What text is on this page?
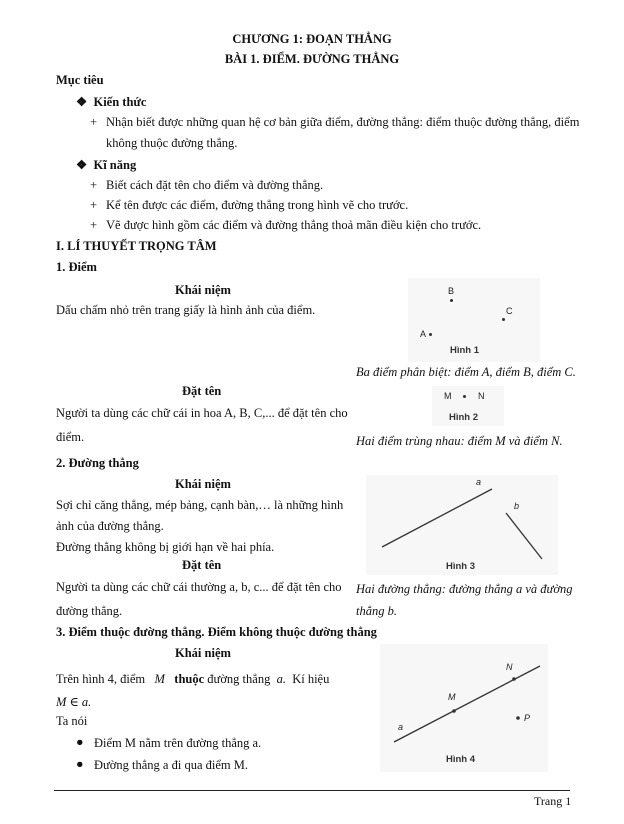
CHƯƠNG 1: ĐOẠN THẲNG
BÀI 1. ĐIỂM. ĐƯỜNG THẲNG
Mục tiêu
❖ Kiến thức
+ Nhận biết được những quan hệ cơ bản giữa điểm, đường thẳng: điểm thuộc đường thẳng, điểm
không thuộc đường thẳng.
❖ Kĩ năng
+ Biết cách đặt tên cho điểm và đường thẳng.
+ Kể tên được các điểm, đường thẳng trong hình vẽ cho trước.
+ Vẽ được hình gồm các điểm và đường thẳng thoả mãn điều kiện cho trước.
I. LÍ THUYẾT TRỌNG TÂM
1. Điểm
Khái niệm
Dấu chấm nhỏ trên trang giấy là hình ảnh của điểm.
Đặt tên
Người ta dùng các chữ cái in hoa A, B, C,... để đặt tên cho
điểm.
B
C
A
Hình 1
Ba điểm phân biệt: điểm A, điểm B, điểm C.
M	N
Hình 2
Hai điểm trùng nhau: điểm M và điểm N.
2. Đường thẳng
Khái niệm
Sợi chỉ căng thẳng, mép bảng, cạnh bàn,… là những hình
ảnh của đường thẳng.
Đường thẳng không bị giới hạn về hai phía.
Đặt tên
Người ta dùng các chữ cái thường a, b, c... để đặt tên cho
đường thẳng.
a
b
Hình 3
Hai đường thẳng: đường thẳng a và đường
thẳng b.
3. Điểm thuộc đường thẳng. Điểm không thuộc đường thẳng
Khái niệm
Trên hình 4, điểm M thuộc đường thẳng a. Kí hiệu
M ∈ a.
Ta nói
● Điểm M nằm trên đường thẳng a.
● Đường thẳng a đi qua điểm M.
N
M
P
a
Hình 4
Trang 1
